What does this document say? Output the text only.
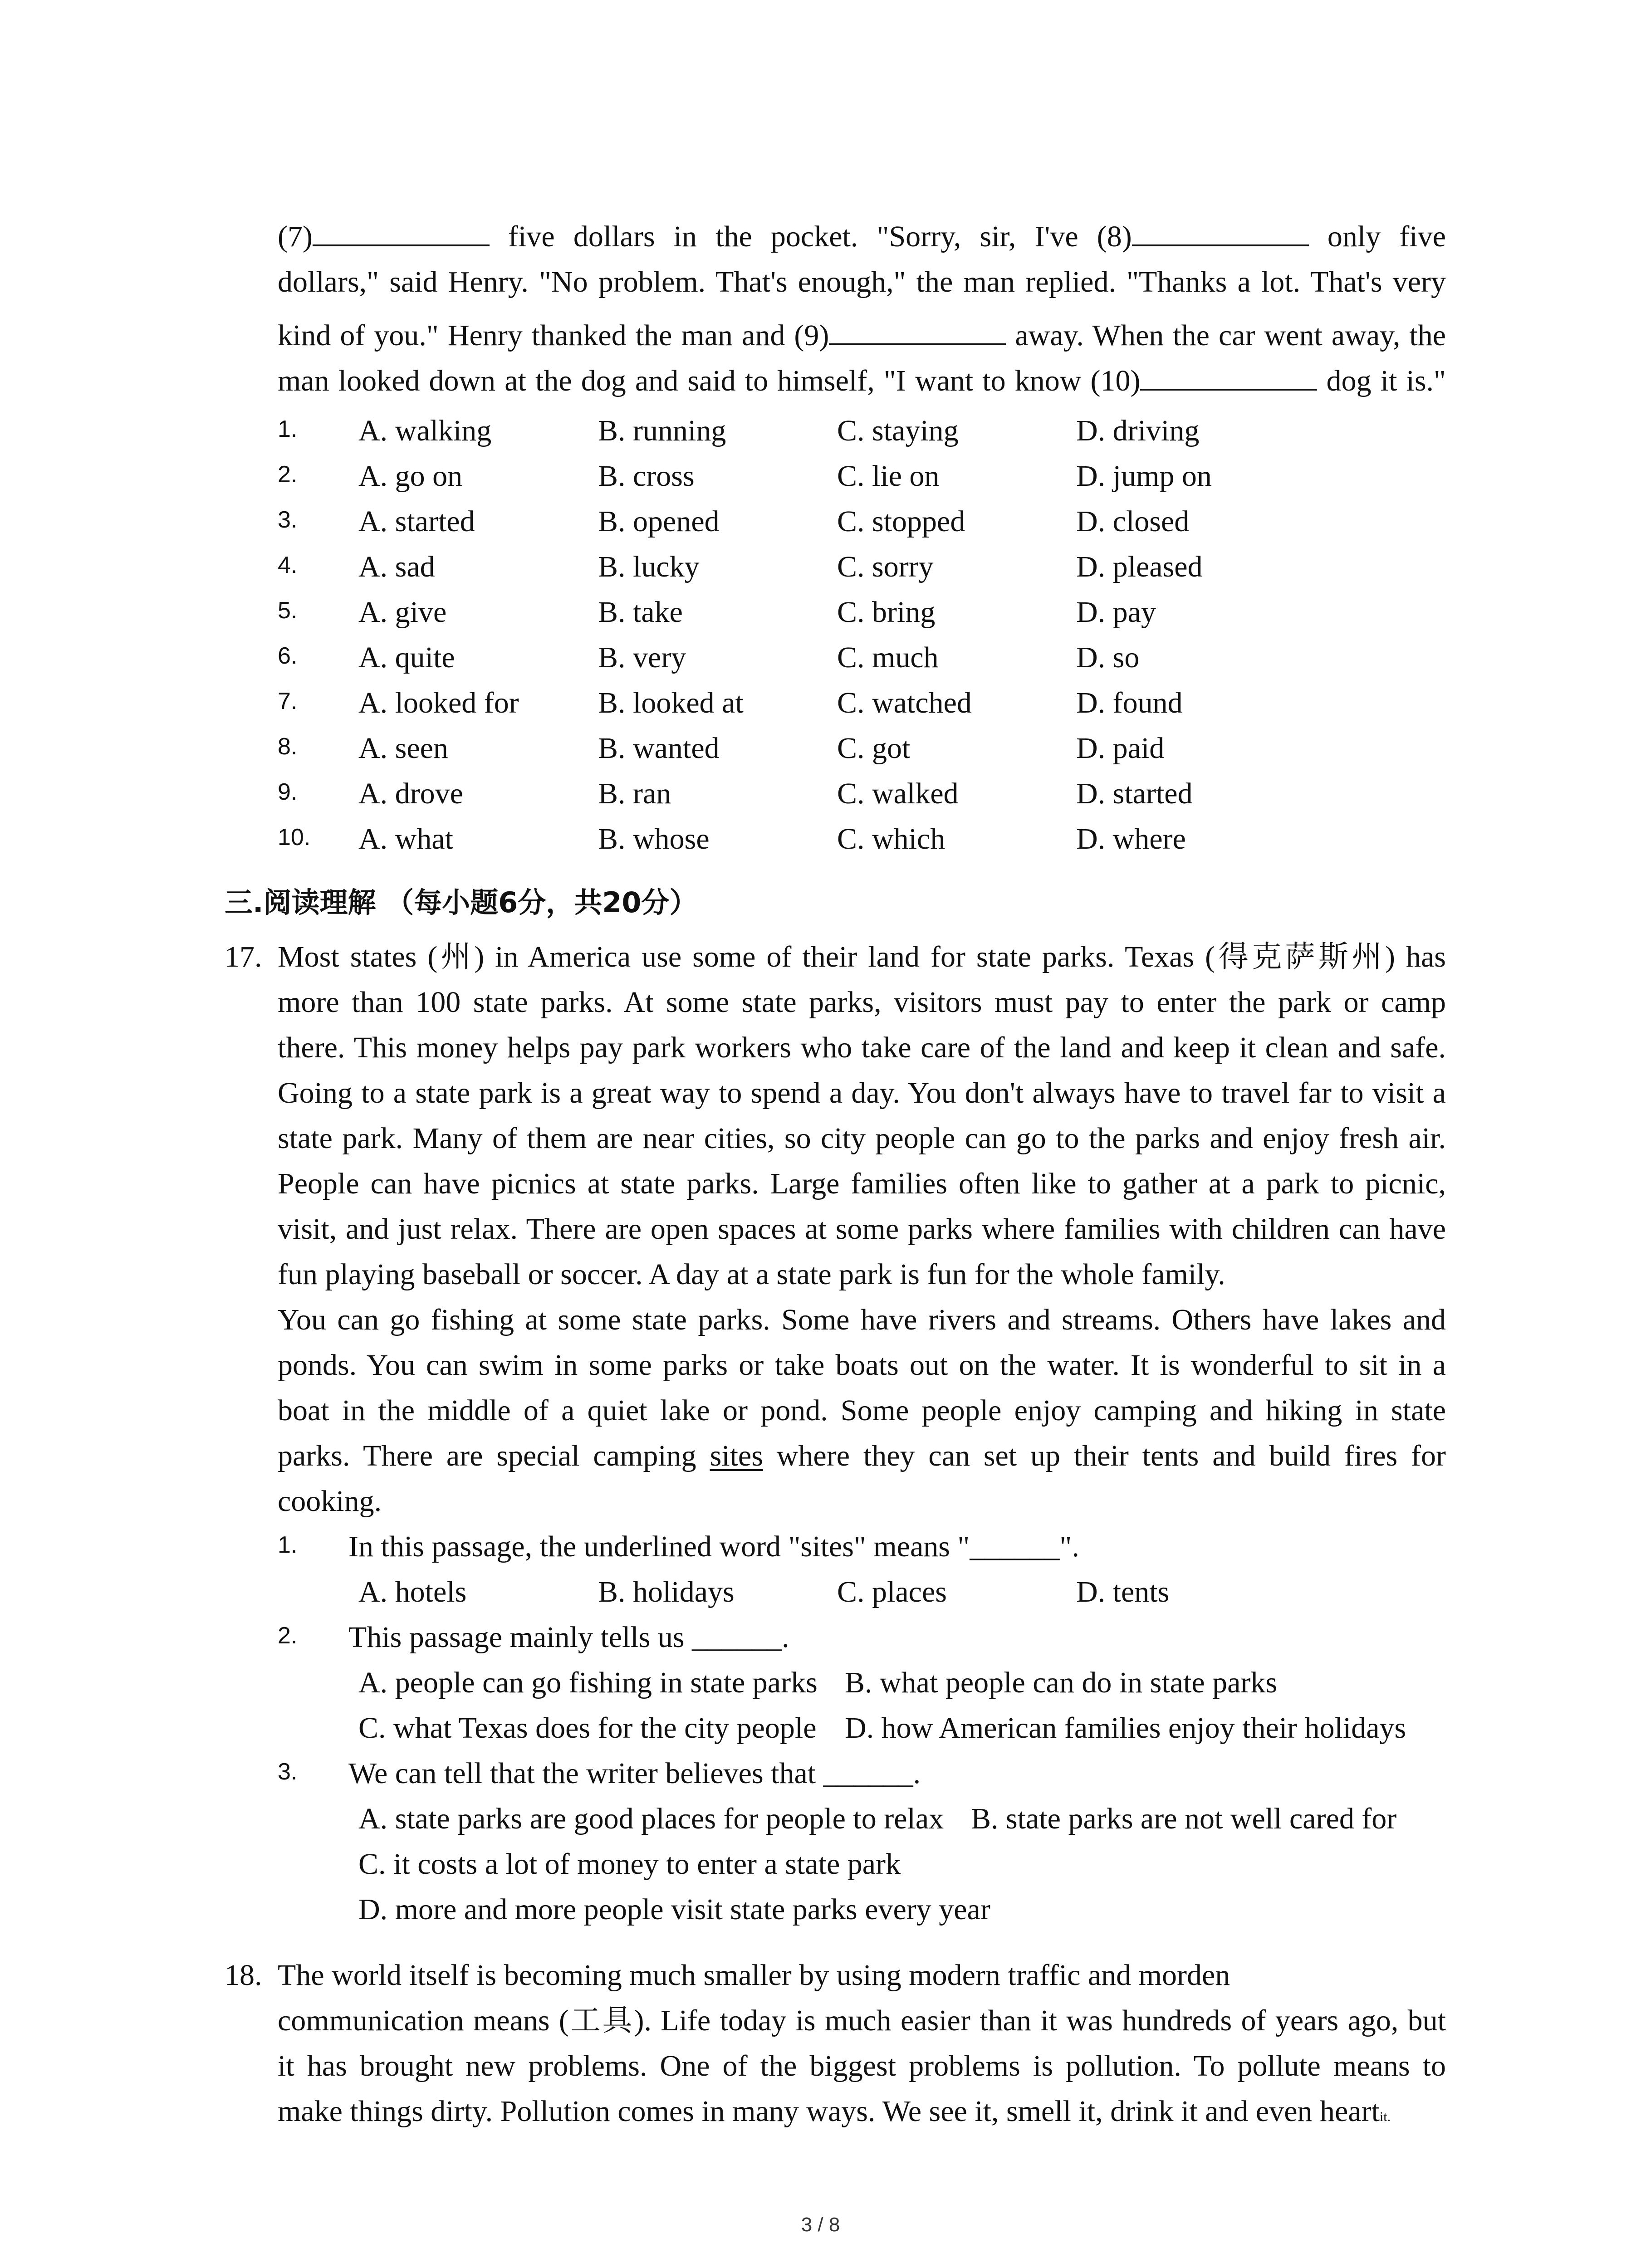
(7)	five dollars in the pocket. "Sorry, sir, I've (8)	only five
dollars," said Henry. "No problem. That's enough," the man replied. "Thanks a lot. That's very
kind of you." Henry thanked the man and (9)	away. When the car went away, the
man looked down at the dog and said to himself, "I want to know (10)	dog it is."
1. A. walking	B. running	C. staying	D. driving
2. A. go on	B. cross	C. lie on	D. jump on
3. A. started	B. opened	C. stopped	D. closed
4. A. sad	B. lucky	C. sorry	D. pleased
5. A. give	B. take	C. bring	D. pay
6. A. quite	B. very	C. much	D. so
7. A. looked for	B. looked at	C. watched	D. found
8. A. seen	B. wanted	C. got	D. paid
9. A. drove	B. ran	C. walked	D. started
10. A. what	B. whose	C. which	D. where
三.阅读理解 （每小题6分，共20分）
17. Most states (州) in America use some of their land for state parks. Texas (得克萨斯州) has
more than 100 state parks. At some state parks, visitors must pay to enter the park or camp
there. This money helps pay park workers who take care of the land and keep it clean and safe.
Going to a state park is a great way to spend a day. You don't always have to travel far to visit a
state park. Many of them are near cities, so city people can go to the parks and enjoy fresh air.
People can have picnics at state parks. Large families often like to gather at a park to picnic,
visit, and just relax. There are open spaces at some parks where families with children can have
fun playing baseball or soccer. A day at a state park is fun for the whole family.
You can go fishing at some state parks. Some have rivers and streams. Others have lakes and
ponds. You can swim in some parks or take boats out on the water. It is wonderful to sit in a
boat in the middle of a quiet lake or pond. Some people enjoy camping and hiking in state
parks. There are special camping sites where they can set up their tents and build fires for
cooking.
1. In this passage, the underlined word "sites" means "______".
A. hotels	B. holidays	C. places	D. tents
2. This passage mainly tells us ______.
A. people can go fishing in state parks B. what people can do in state parks
C. what Texas does for the city people D. how American families enjoy their holidays
3. We can tell that the writer believes that ______.
A. state parks are good places for people to relax B. state parks are not well cared for
C. it costs a lot of money to enter a state park
D. more and more people visit state parks every year
18. The world itself is becoming much smaller by using modern traffic and morden
communication means (工具). Life today is much easier than it was hundreds of years ago, but
it has brought new problems. One of the biggest problems is pollution. To pollute means to
make things dirty. Pollution comes in many ways. We see it, smell it, drink it and even heartit.
3 / 8
